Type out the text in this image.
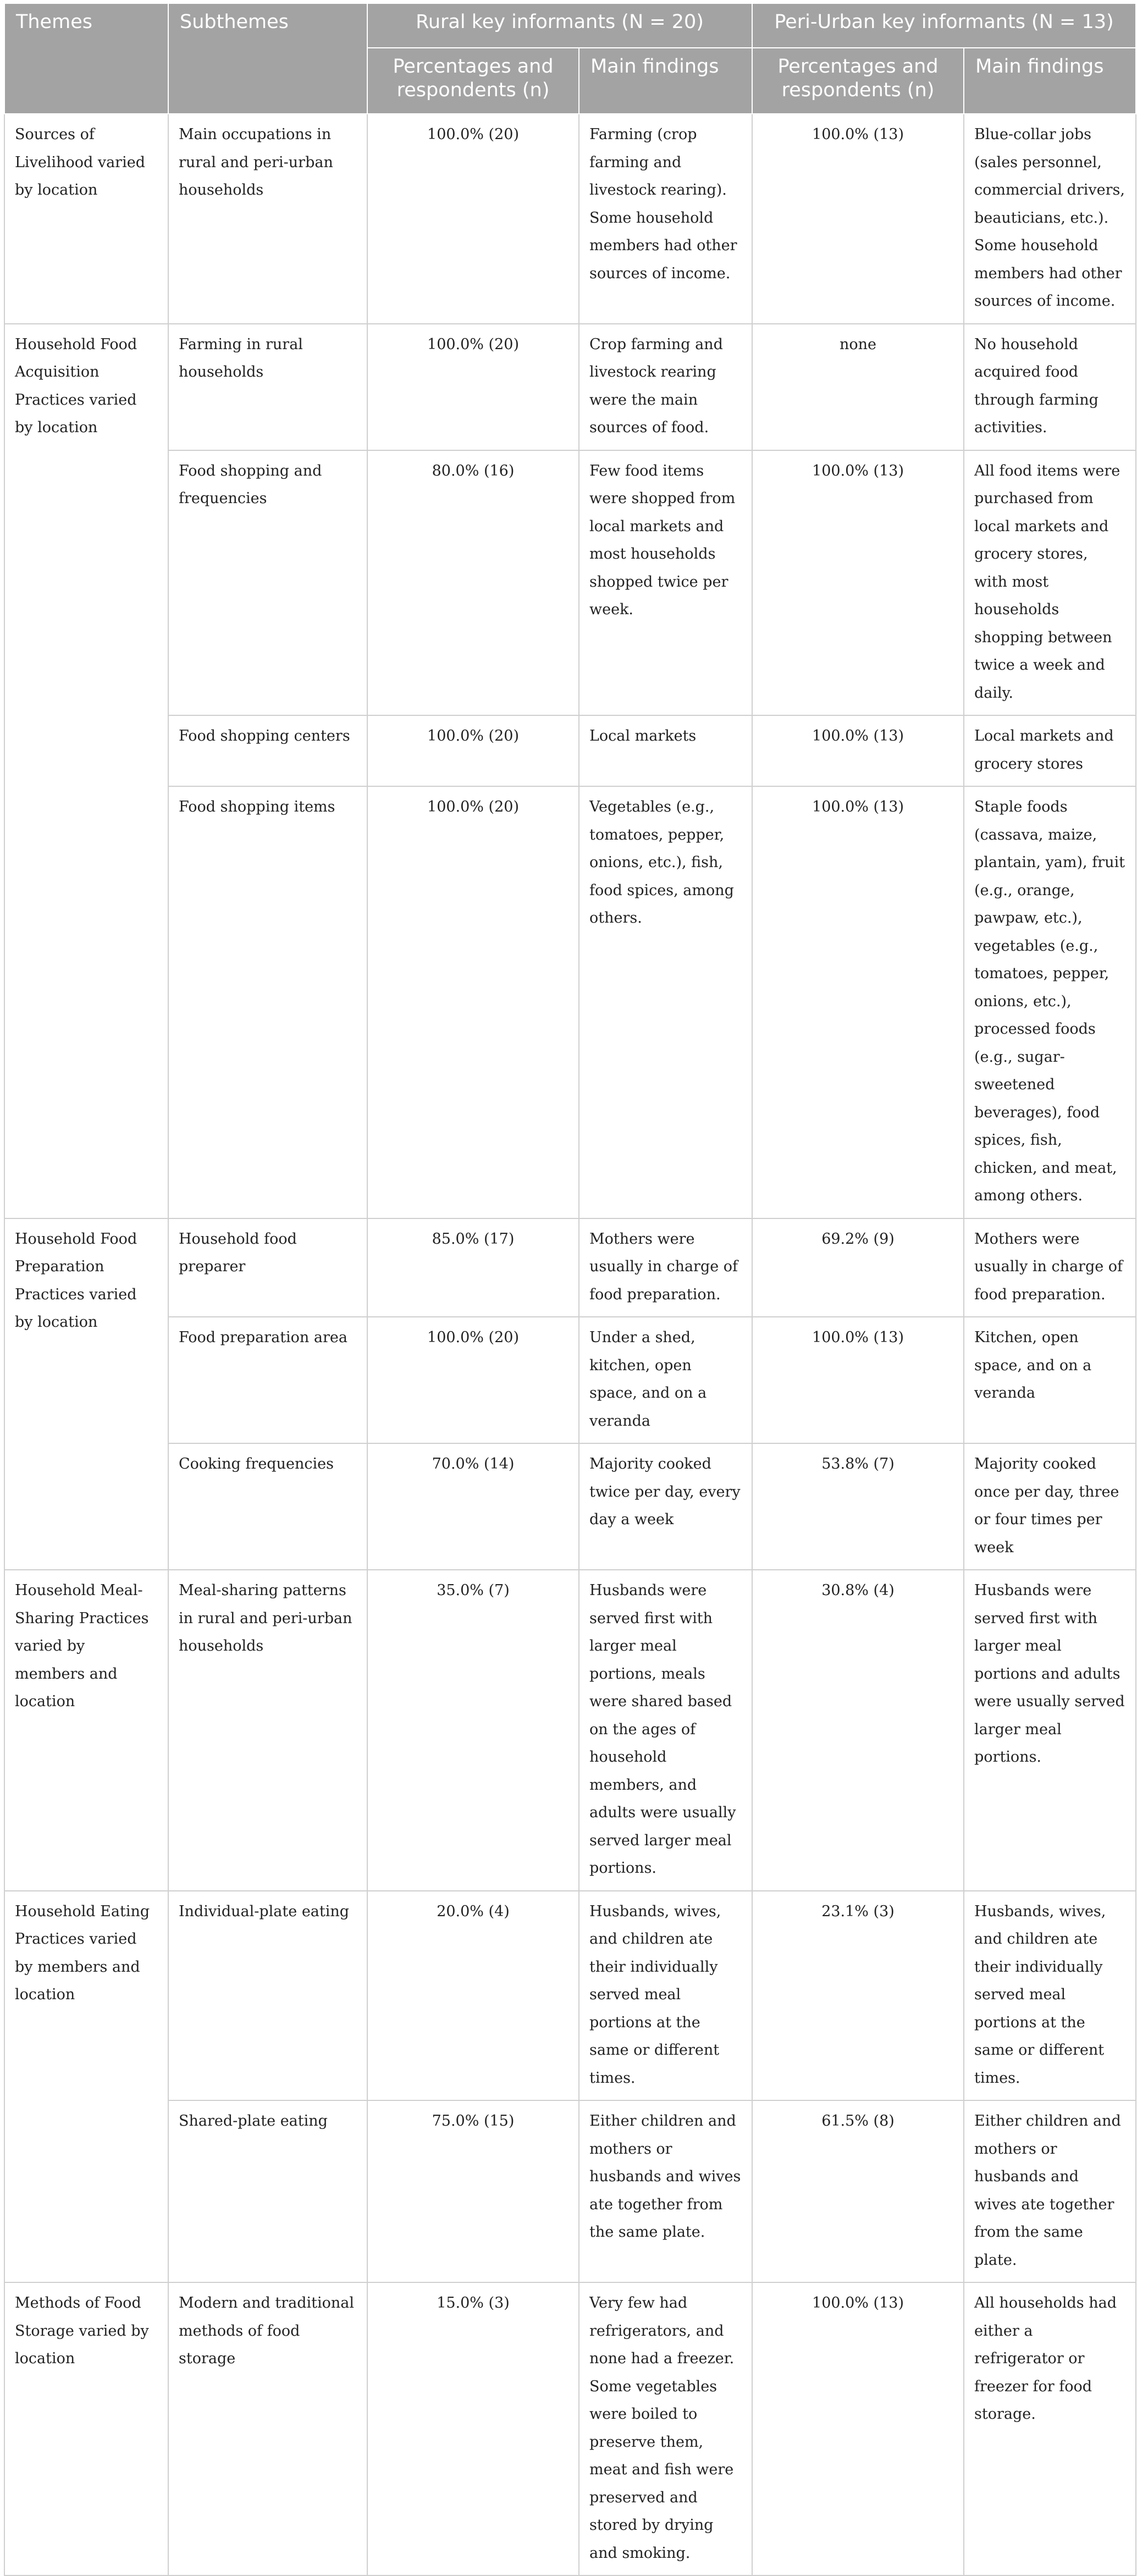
Themes	Subthemes	Rural key informants (N = 20)		Peri-Urban key informants (N = 13)	
		Percentages and respondents (n)	Main findings	Percentages and respondents (n)	Main findings
Sources of Livelihood varied by location	Main occupations in rural and peri-urban households	100.0% (20)	Farming (crop farming and livestock rearing). Some household members had other sources of income.	100.0% (13)	Blue-collar jobs (sales personnel, commercial drivers, beauticians, etc.). Some household members had other sources of income.
Household Food Acquisition Practices varied by location	Farming in rural households	100.0% (20)	Crop farming and livestock rearing were the main sources of food.	none	No household acquired food through farming activities.
	Food shopping and frequencies	80.0% (16)	Few food items were shopped from local markets and most households shopped twice per week.	100.0% (13)	All food items were purchased from local markets and grocery stores, with most households shopping between twice a week and daily.
	Food shopping centers	100.0% (20)	Local markets	100.0% (13)	Local markets and grocery stores
	Food shopping items	100.0% (20)	Vegetables (e.g., tomatoes, pepper, onions, etc.), fish, food spices, among others.	100.0% (13)	Staple foods (cassava, maize, plantain, yam), fruit (e.g., orange, pawpaw, etc.), vegetables (e.g., tomatoes, pepper, onions, etc.), processed foods (e.g., sugar-sweetened beverages), food spices, fish, chicken, and meat, among others.
Household Food Preparation Practices varied by location	Household food preparer	85.0% (17)	Mothers were usually in charge of food preparation.	69.2% (9)	Mothers were usually in charge of food preparation.
	Food preparation area	100.0% (20)	Under a shed, kitchen, open space, and on a veranda	100.0% (13)	Kitchen, open space, and on a veranda
	Cooking frequencies	70.0% (14)	Majority cooked twice per day, every day a week	53.8% (7)	Majority cooked once per day, three or four times per week
Household Meal-Sharing Practices varied by members and location	Meal-sharing patterns in rural and peri-urban households	35.0% (7)	Husbands were served first with larger meal portions, meals were shared based on the ages of household members, and adults were usually served larger meal portions.	30.8% (4)	Husbands were served first with larger meal portions and adults were usually served larger meal portions.
Household Eating Practices varied by members and location	Individual-plate eating	20.0% (4)	Husbands, wives, and children ate their individually served meal portions at the same or different times.	23.1% (3)	Husbands, wives, and children ate their individually served meal portions at the same or different times.
	Shared-plate eating	75.0% (15)	Either children and mothers or husbands and wives ate together from the same plate.	61.5% (8)	Either children and mothers or husbands and wives ate together from the same plate.
Methods of Food Storage varied by location	Modern and traditional methods of food storage	15.0% (3)	Very few had refrigerators, and none had a freezer. Some vegetables were boiled to preserve them, meat and fish were preserved and stored by drying and smoking.	100.0% (13)	All households had either a refrigerator or freezer for food storage.
